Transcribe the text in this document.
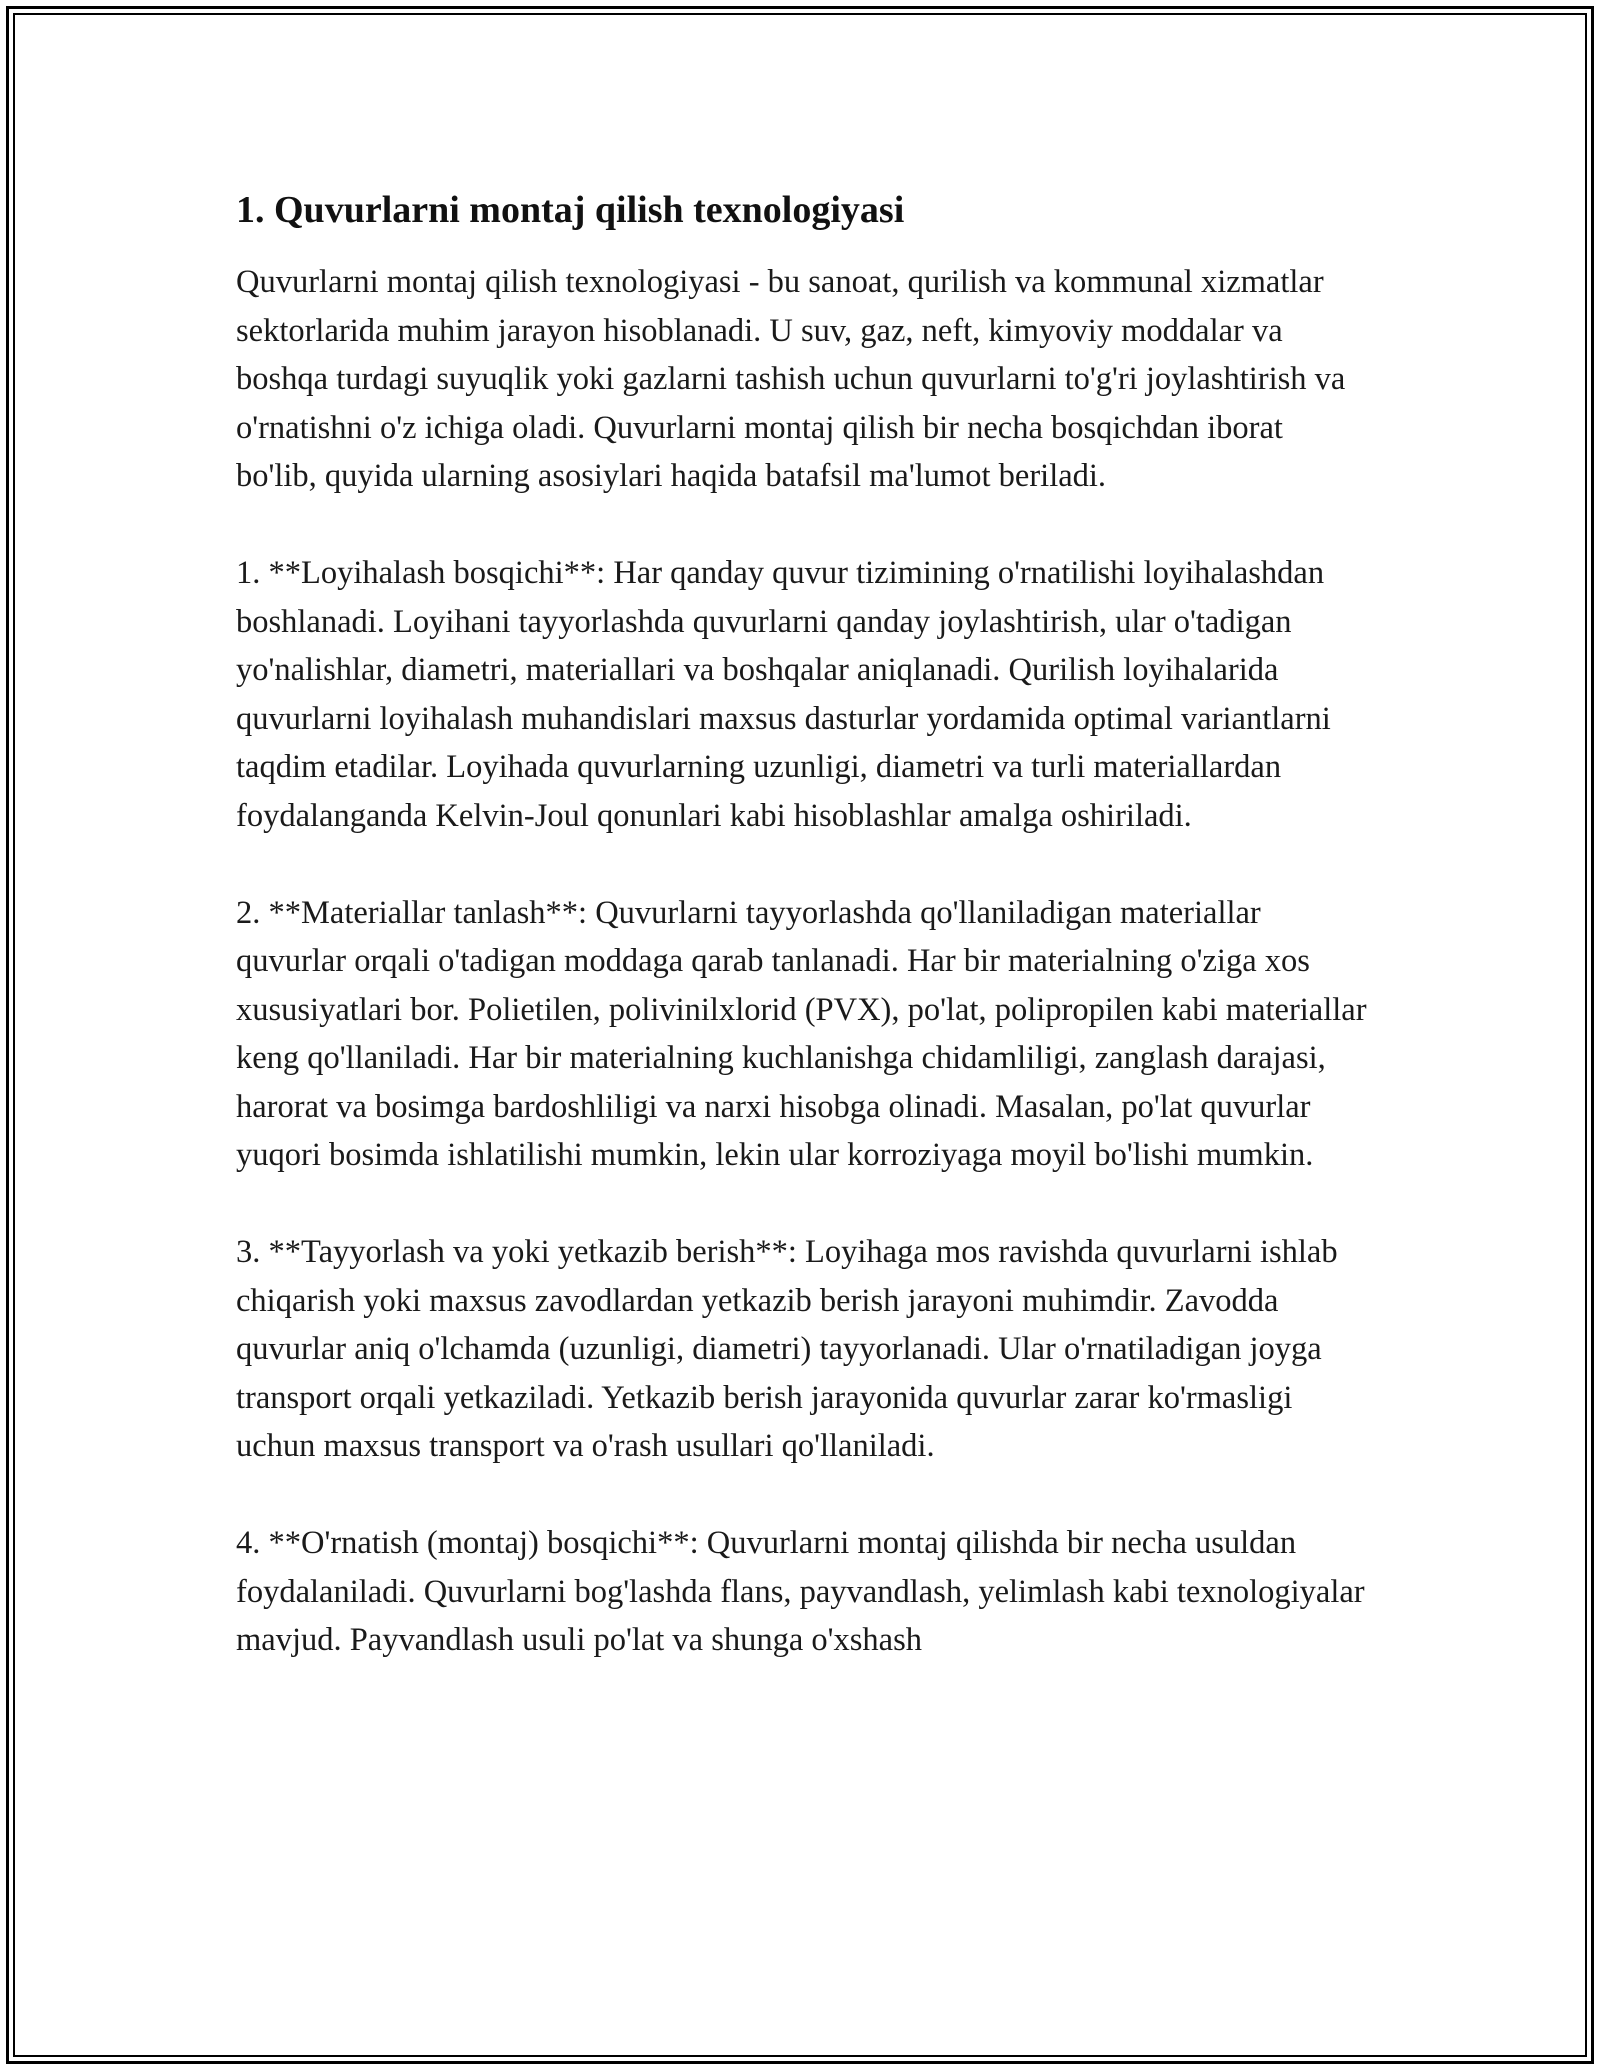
1. Quvurlarni montaj qilish texnologiyasi

Quvurlarni montaj qilish texnologiyasi - bu sanoat, qurilish va kommunal xizmatlar sektorlarida muhim jarayon hisoblanadi. U suv, gaz, neft, kimyoviy moddalar va boshqa turdagi suyuqlik yoki gazlarni tashish uchun quvurlarni to'g'ri joylashtirish va o'rnatishni o'z ichiga oladi. Quvurlarni montaj qilish bir necha bosqichdan iborat bo'lib, quyida ularning asosiylari haqida batafsil ma'lumot beriladi.

1. **Loyihalash bosqichi**: Har qanday quvur tizimining o'rnatilishi loyihalashdan boshlanadi. Loyihani tayyorlashda quvurlarni qanday joylashtirish, ular o'tadigan yo'nalishlar, diametri, materiallari va boshqalar aniqlanadi. Qurilish loyihalarida quvurlarni loyihalash muhandislari maxsus dasturlar yordamida optimal variantlarni taqdim etadilar. Loyihada quvurlarning uzunligi, diametri va turli materiallardan foydalanganda Kelvin-Joul qonunlari kabi hisoblashlar amalga oshiriladi.

2. **Materiallar tanlash**: Quvurlarni tayyorlashda qo'llaniladigan materiallar quvurlar orqali o'tadigan moddaga qarab tanlanadi. Har bir materialning o'ziga xos xususiyatlari bor. Polietilen, polivinilxlorid (PVX), po'lat, polipropilen kabi materiallar keng qo'llaniladi. Har bir materialning kuchlanishga chidamliligi, zanglash darajasi, harorat va bosimga bardoshliligi va narxi hisobga olinadi. Masalan, po'lat quvurlar yuqori bosimda ishlatilishi mumkin, lekin ular korroziyaga moyil bo'lishi mumkin.

3. **Tayyorlash va yoki yetkazib berish**: Loyihaga mos ravishda quvurlarni ishlab chiqarish yoki maxsus zavodlardan yetkazib berish jarayoni muhimdir. Zavodda quvurlar aniq o'lchamda (uzunligi, diametri) tayyorlanadi. Ular o'rnatiladigan joyga transport orqali yetkaziladi. Yetkazib berish jarayonida quvurlar zarar ko'rmasligi uchun maxsus transport va o'rash usullari qo'llaniladi.

4. **O'rnatish (montaj) bosqichi**: Quvurlarni montaj qilishda bir necha usuldan foydalaniladi. Quvurlarni bog'lashda flans, payvandlash, yelimlash kabi texnologiyalar mavjud. Payvandlash usuli po'lat va shunga o'xshash
